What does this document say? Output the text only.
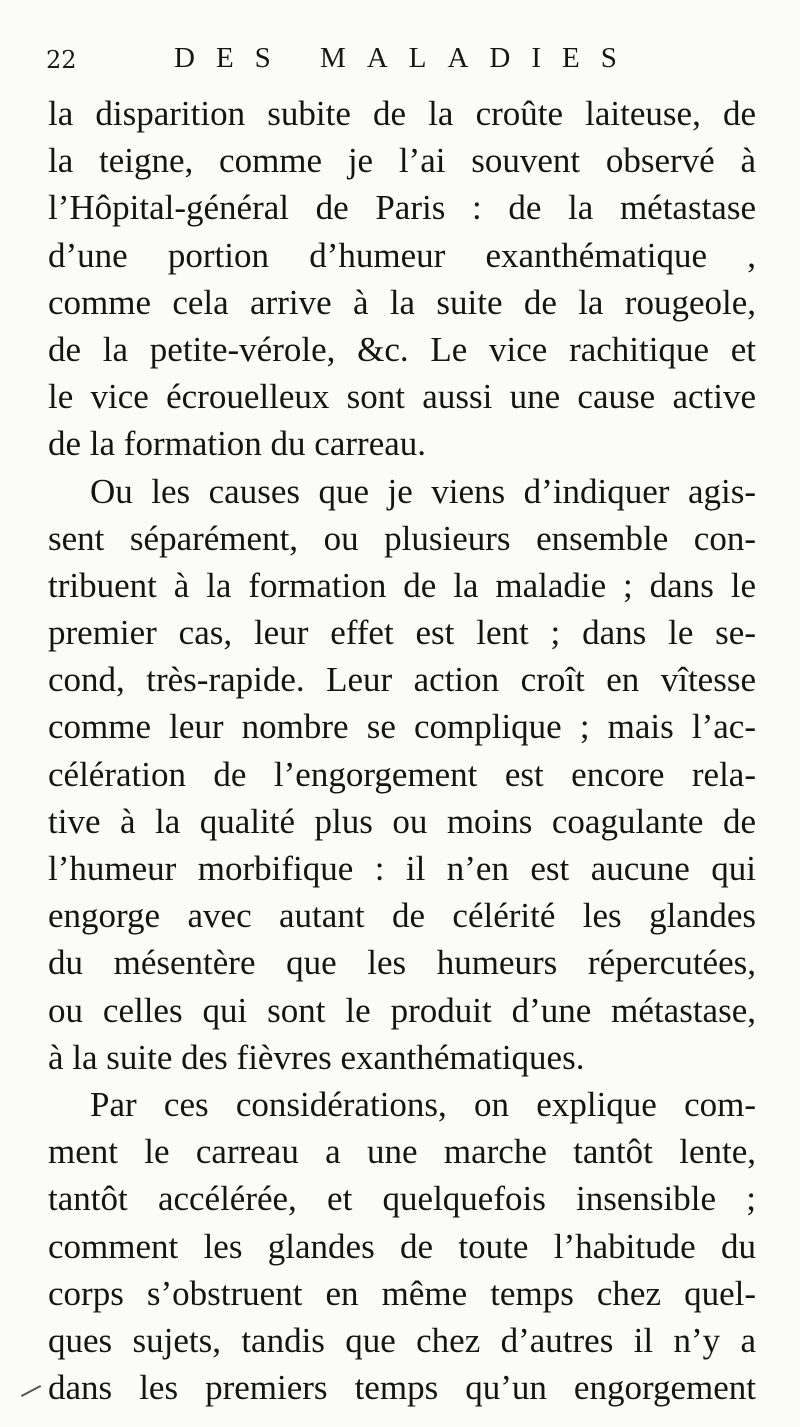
22	DES MALADIES
la disparition subite de la croûte laiteuse, de
la teigne, comme je l’ai souvent observé à
l’Hôpital-général de Paris : de la métastase
d’une portion d’humeur exanthématique ,
comme cela arrive à la suite de la rougeole,
de la petite-vérole, &c. Le vice rachitique et
le vice écrouelleux sont aussi une cause active
de la formation du carreau.
Ou les causes que je viens d’indiquer agis-
sent séparément, ou plusieurs ensemble con-
tribuent à la formation de la maladie ; dans le
premier cas, leur effet est lent ; dans le se-
cond, très-rapide. Leur action croît en vîtesse
comme leur nombre se complique ; mais l’ac-
célération de l’engorgement est encore rela-
tive à la qualité plus ou moins coagulante de
l’humeur morbifique : il n’en est aucune qui
engorge avec autant de célérité les glandes
du mésentère que les humeurs répercutées,
ou celles qui sont le produit d’une métastase,
à la suite des fièvres exanthématiques.
Par ces considérations, on explique com-
ment le carreau a une marche tantôt lente,
tantôt accélérée, et quelquefois insensible ;
comment les glandes de toute l’habitude du
corps s’obstruent en même temps chez quel-
ques sujets, tandis que chez d’autres il n’y a
dans les premiers temps qu’un engorgement
